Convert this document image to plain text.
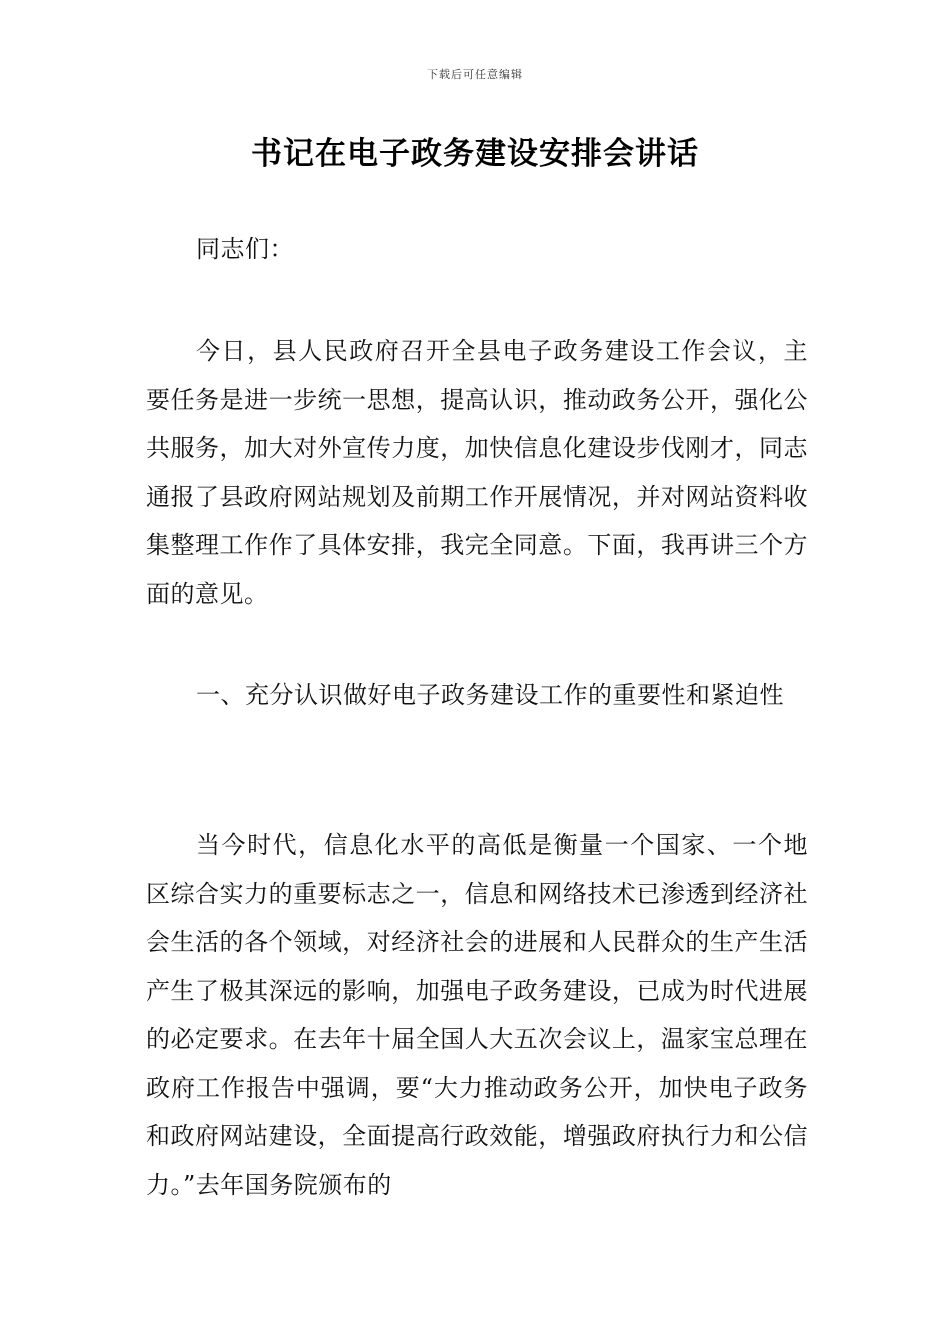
下载后可任意编辑
书记在电子政务建设安排会讲话

同志们：

今日，县人民政府召开全县电子政务建设工作会议，主要任务是进一步统一思想，提高认识，推动政务公开，强化公共服务，加大对外宣传力度，加快信息化建设步伐刚才，同志通报了县政府网站规划及前期工作开展情况，并对网站资料收集整理工作作了具体安排，我完全同意。下面，我再讲三个方面的意见。

一、充分认识做好电子政务建设工作的重要性和紧迫性

当今时代，信息化水平的高低是衡量一个国家、一个地区综合实力的重要标志之一，信息和网络技术已渗透到经济社会生活的各个领域，对经济社会的进展和人民群众的生产生活产生了极其深远的影响，加强电子政务建设，已成为时代进展的必定要求。在去年十届全国人大五次会议上，温家宝总理在政府工作报告中强调，要“大力推动政务公开，加快电子政务和政府网站建设，全面提高行政效能，增强政府执行力和公信力。”去年国务院颁布的
